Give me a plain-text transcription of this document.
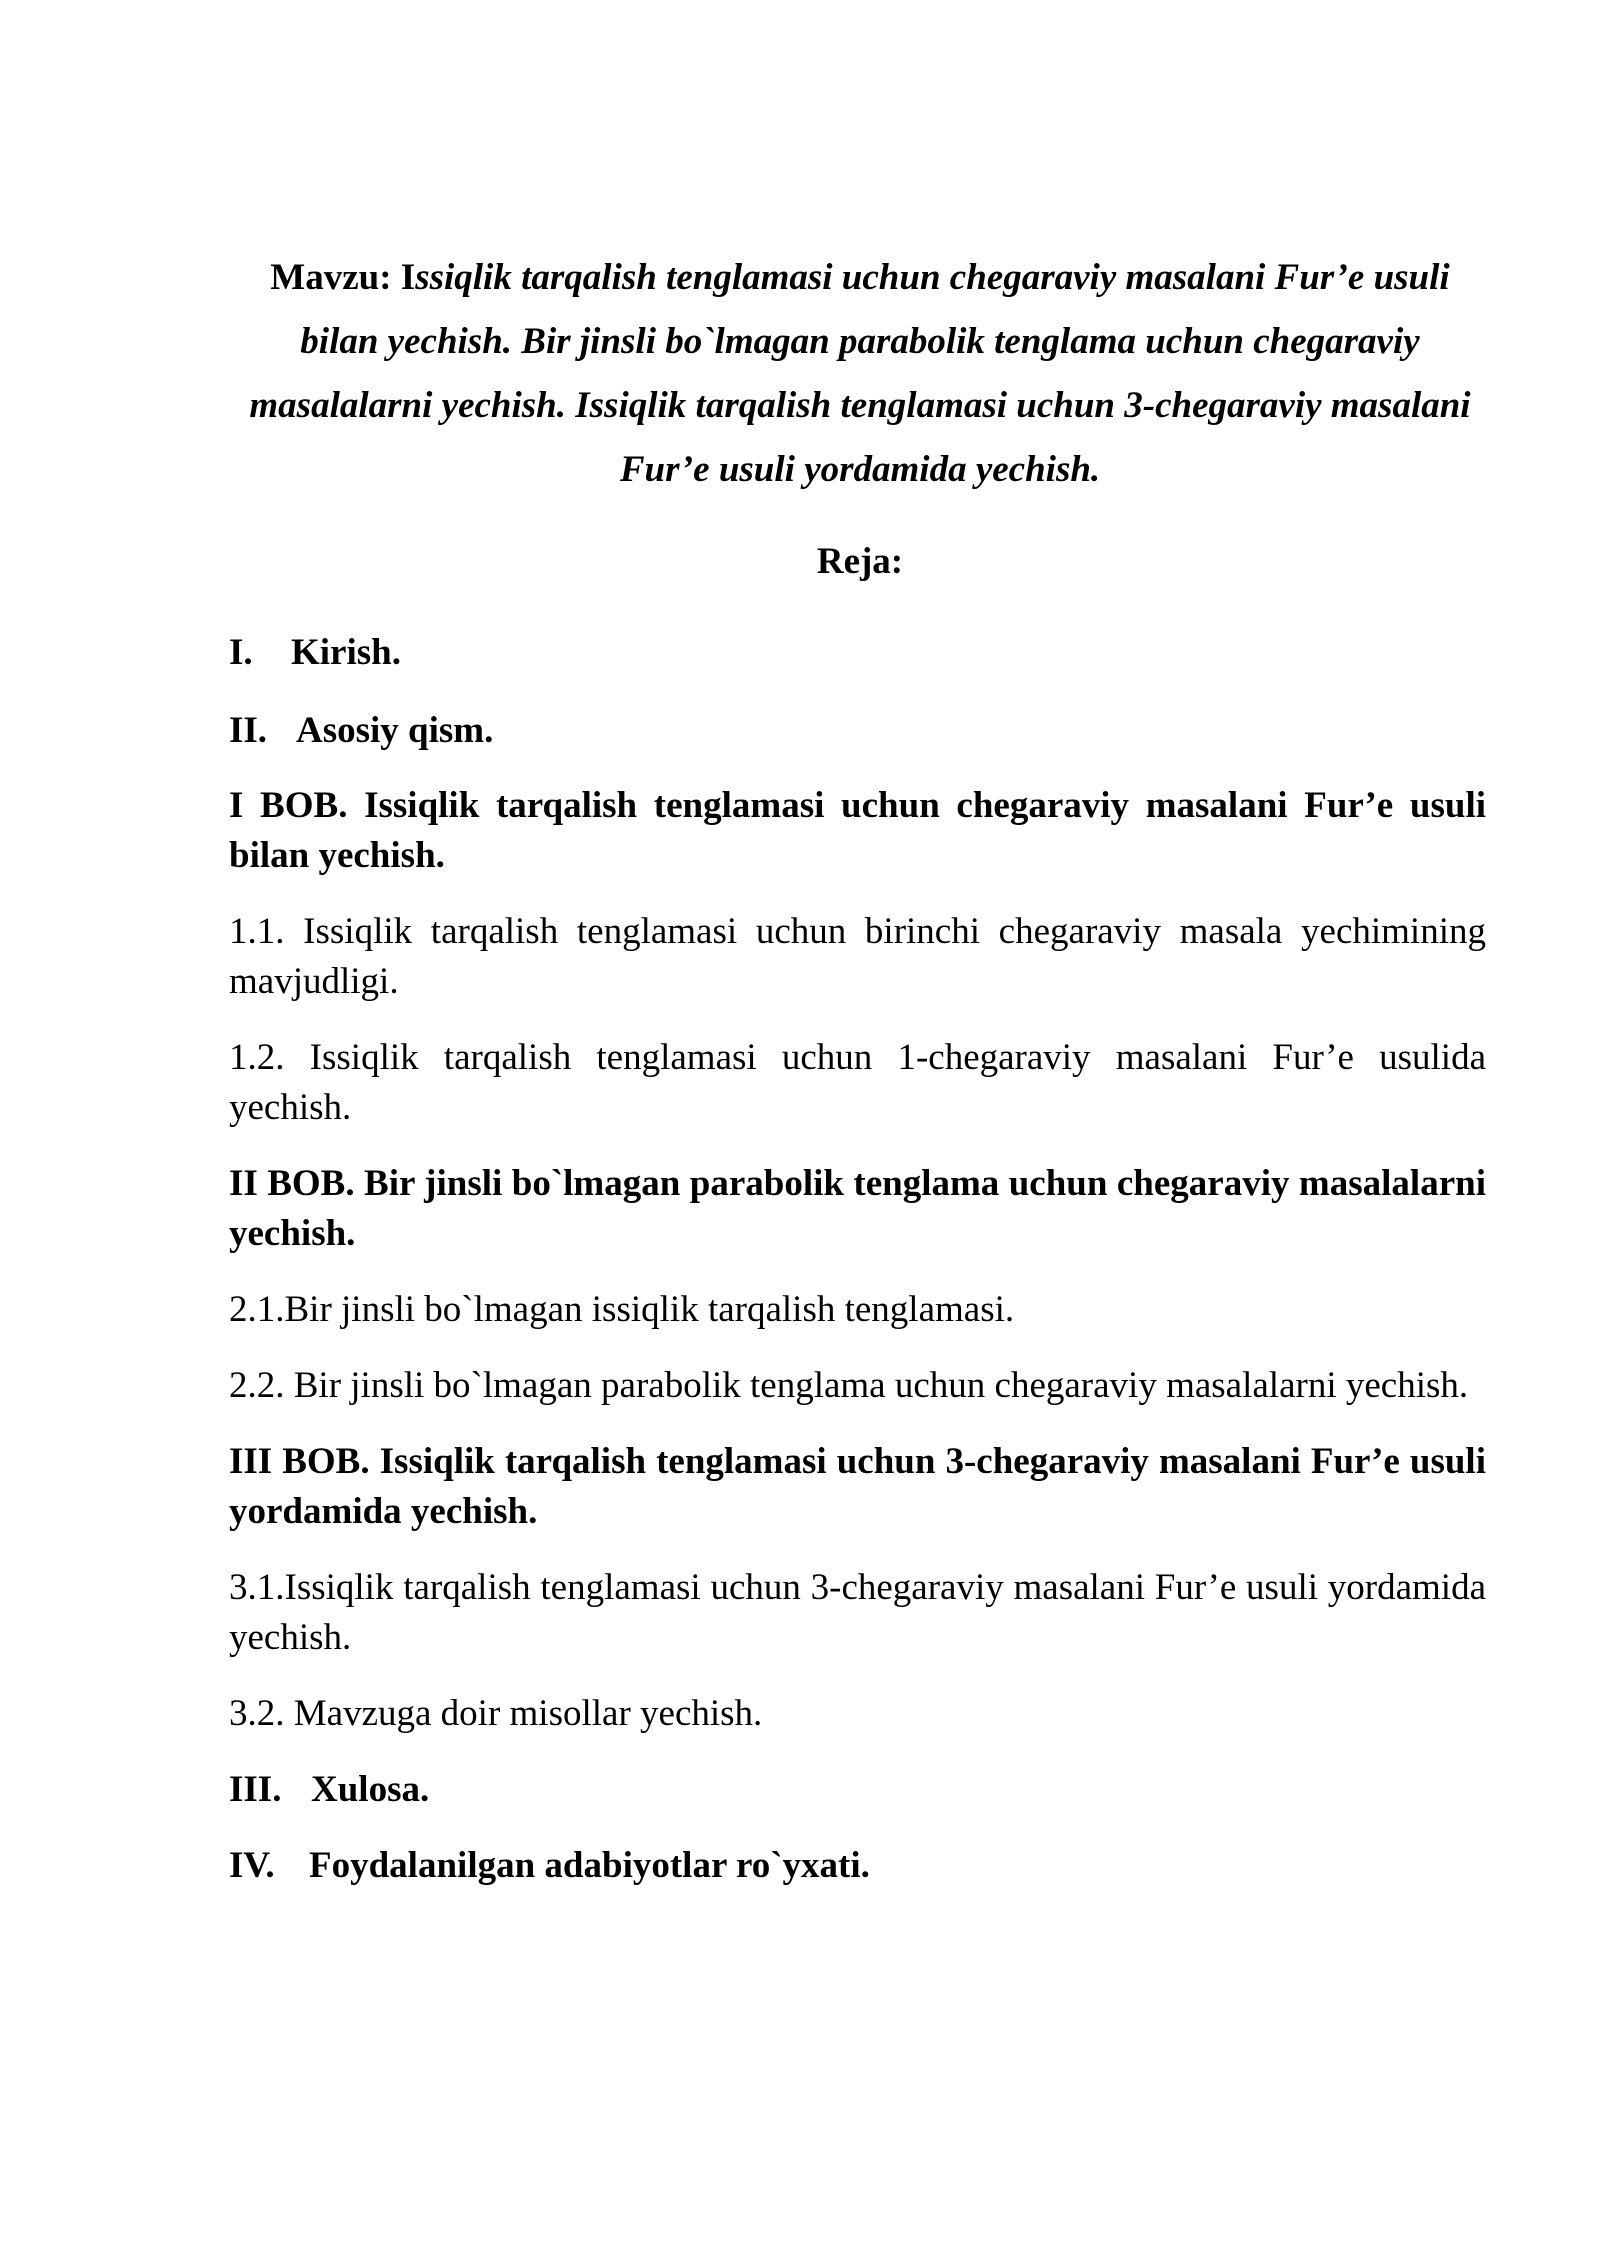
Mavzu: Issiqlik tarqalish tenglamasi uchun chegaraviy masalani Fur’e usuli
bilan yechish. Bir jinsli bo`lmagan parabolik tenglama uchun chegaraviy
masalalarni yechish. Issiqlik tarqalish tenglamasi uchun 3-chegaraviy masalani
Fur’e usuli yordamida yechish.
Reja:

I. Kirish.

II. Asosiy qism.

I BOB. Issiqlik tarqalish tenglamasi uchun chegaraviy masalani Fur’e usuli bilan yechish.

1.1. Issiqlik tarqalish tenglamasi uchun birinchi chegaraviy masala yechimining mavjudligi.

1.2. Issiqlik tarqalish tenglamasi uchun 1-chegaraviy masalani Fur’e usulida yechish.

II BOB. Bir jinsli bo`lmagan parabolik tenglama uchun chegaraviy masalalarni yechish.

2.1.Bir jinsli bo`lmagan issiqlik tarqalish tenglamasi.

2.2. Bir jinsli bo`lmagan parabolik tenglama uchun chegaraviy masalalarni yechish.

III BOB. Issiqlik tarqalish tenglamasi uchun 3-chegaraviy masalani Fur’e usuli yordamida yechish.

3.1.Issiqlik tarqalish tenglamasi uchun 3-chegaraviy masalani Fur’e usuli yordamida yechish.

3.2. Mavzuga doir misollar yechish.

III. Xulosa.

IV. Foydalanilgan adabiyotlar ro`yxati.
